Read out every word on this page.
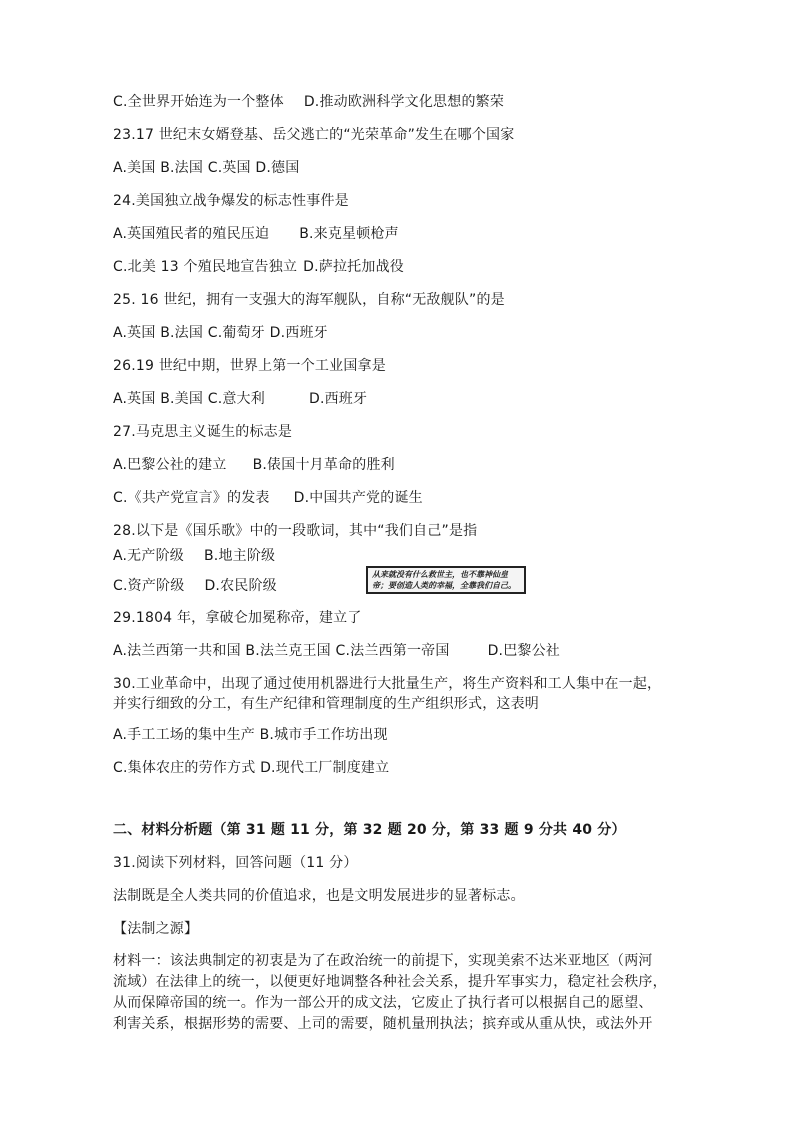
C.全世界开始连为一个整体 D.推动欧洲科学文化思想的繁荣
23.17 世纪末女婿登基、岳父逃亡的“光荣革命”发生在哪个国家
A.美国 B.法国 C.英国 D.德国
24.美国独立战争爆发的标志性事件是
A.英国殖民者的殖民压迫 B.来克星顿枪声
C.北美 13 个殖民地宣告独立 D.萨拉托加战役
25. 16 世纪，拥有一支强大的海军舰队，自称“无敌舰队”的是
A.英国 B.法国 C.葡萄牙 D.西班牙
26.19 世纪中期，世界上第一个工业国拿是
A.英国 B.美国 C.意大利	D.西班牙
27.马克思主义诞生的标志是
A.巴黎公社的建立 B.俵国十月革命的胜利
C.《共产党宣言》的发表 D.中国共产党的诞生
28.以下是《国乐歌》中的一段歌词，其中“我们自己”是指
A.无产阶级 B.地主阶级
C.资产阶级 D.农民阶级
从来就没有什么救世主，也不靠神仙皇帝；要创造人类的幸福，全靠我们自己。
29.1804 年，拿破仑加冕称帝，建立了
A.法兰西第一共和国 B.法兰克王国 C.法兰西第一帝国	D.巴黎公社
30.工业革命中，出现了通过使用机器进行大批量生产，将生产资料和工人集中在一起，
并实行细致的分工，有生产纪律和管理制度的生产组织形式，这表明
A.手工工场的集中生产 B.城市手工作坊出现
C.集体农庄的劳作方式 D.现代工厂制度建立
二、材料分析题（第 31 题 11 分，第 32 题 20 分，第 33 题 9 分共 40 分）
31.阅读下列材料，回答问题（11 分）
法制既是全人类共同的价值追求，也是文明发展进步的显著标志。
【法制之源】
材料一：该法典制定的初衷是为了在政治统一的前提下，实现美索不达米亚地区（两河
流域）在法律上的统一，以便更好地调整各种社会关系，提升军事实力，稳定社会秩序，
从而保障帝国的统一。作为一部公开的成文法，它废止了执行者可以根据自己的愿望、
利害关系，根据形势的需要、上司的需要，随机量刑执法；摈弃或从重从快，或法外开
